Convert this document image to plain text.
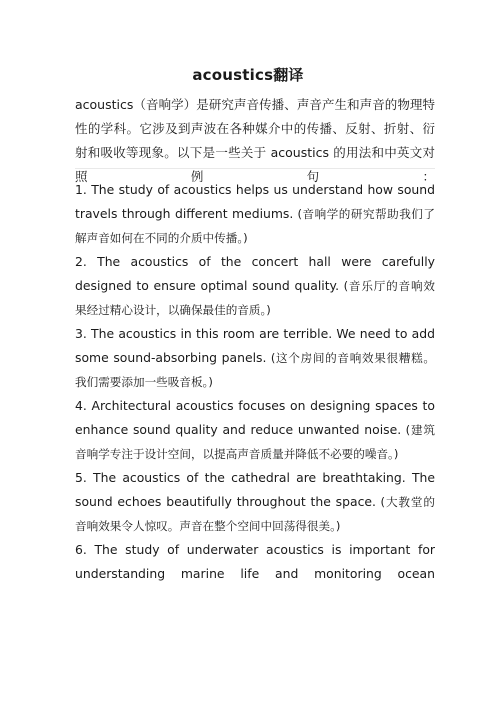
acoustics翻译
acoustics（音响学）是研究声音传播、声音产生和声音的物理特性的学科。它涉及到声波在各种媒介中的传播、反射、折射、衍射和吸收等现象。以下是一些关于 acoustics 的用法和中英文对照例句：

1. The study of acoustics helps us understand how sound travels through different mediums. (音响学的研究帮助我们了解声音如何在不同的介质中传播。)

2. The acoustics of the concert hall were carefully designed to ensure optimal sound quality. (音乐厅的音响效果经过精心设计，以确保最佳的音质。)

3. The acoustics in this room are terrible. We need to add some sound-absorbing panels. (这个房间的音响效果很糟糕。我们需要添加一些吸音板。)

4. Architectural acoustics focuses on designing spaces to enhance sound quality and reduce unwanted noise. (建筑音响学专注于设计空间，以提高声音质量并降低不必要的噪音。)

5. The acoustics of the cathedral are breathtaking. The sound echoes beautifully throughout the space. (大教堂的音响效果令人惊叹。声音在整个空间中回荡得很美。)

6. The study of underwater acoustics is important for understanding marine life and monitoring ocean
